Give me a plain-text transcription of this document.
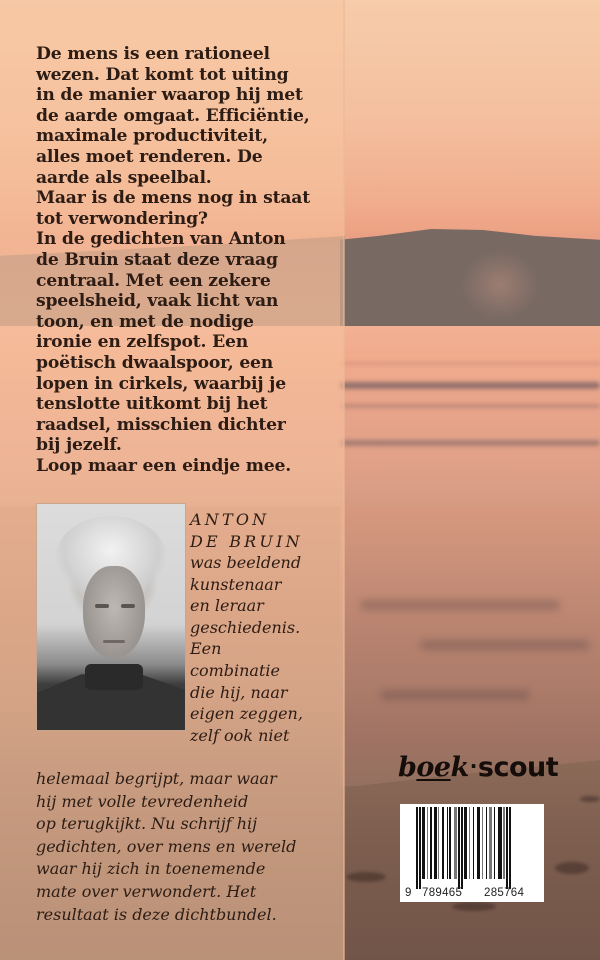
De mens is een rationeel
wezen. Dat komt tot uiting
in de manier waarop hij met
de aarde omgaat. Efficiëntie,
maximale productiviteit,
alles moet renderen. De
aarde als speelbal.
Maar is de mens nog in staat
tot verwondering?
In de gedichten van Anton
de Bruin staat deze vraag
centraal. Met een zekere
speelsheid, vaak licht van
toon, en met de nodige
ironie en zelfspot. Een
poëtisch dwaalspoor, een
lopen in cirkels, waarbij je
tenslotte uitkomt bij het
raadsel, misschien dichter
bij jezelf.
Loop maar een eindje mee.

ANTON
DE BRUIN

was beeldend
kunstenaar
en leraar
geschiedenis.
Een
combinatie
die hij, naar
eigen zeggen,
zelf ook niet

helemaal begrijpt, maar waar
hij met volle tevredenheid
op terugkijkt. Nu schrijf hij
gedichten, over mens en wereld
waar hij zich in toenemende
mate over verwondert. Het
resultaat is deze dichtbundel.

boek·scout
9 789465 285764
